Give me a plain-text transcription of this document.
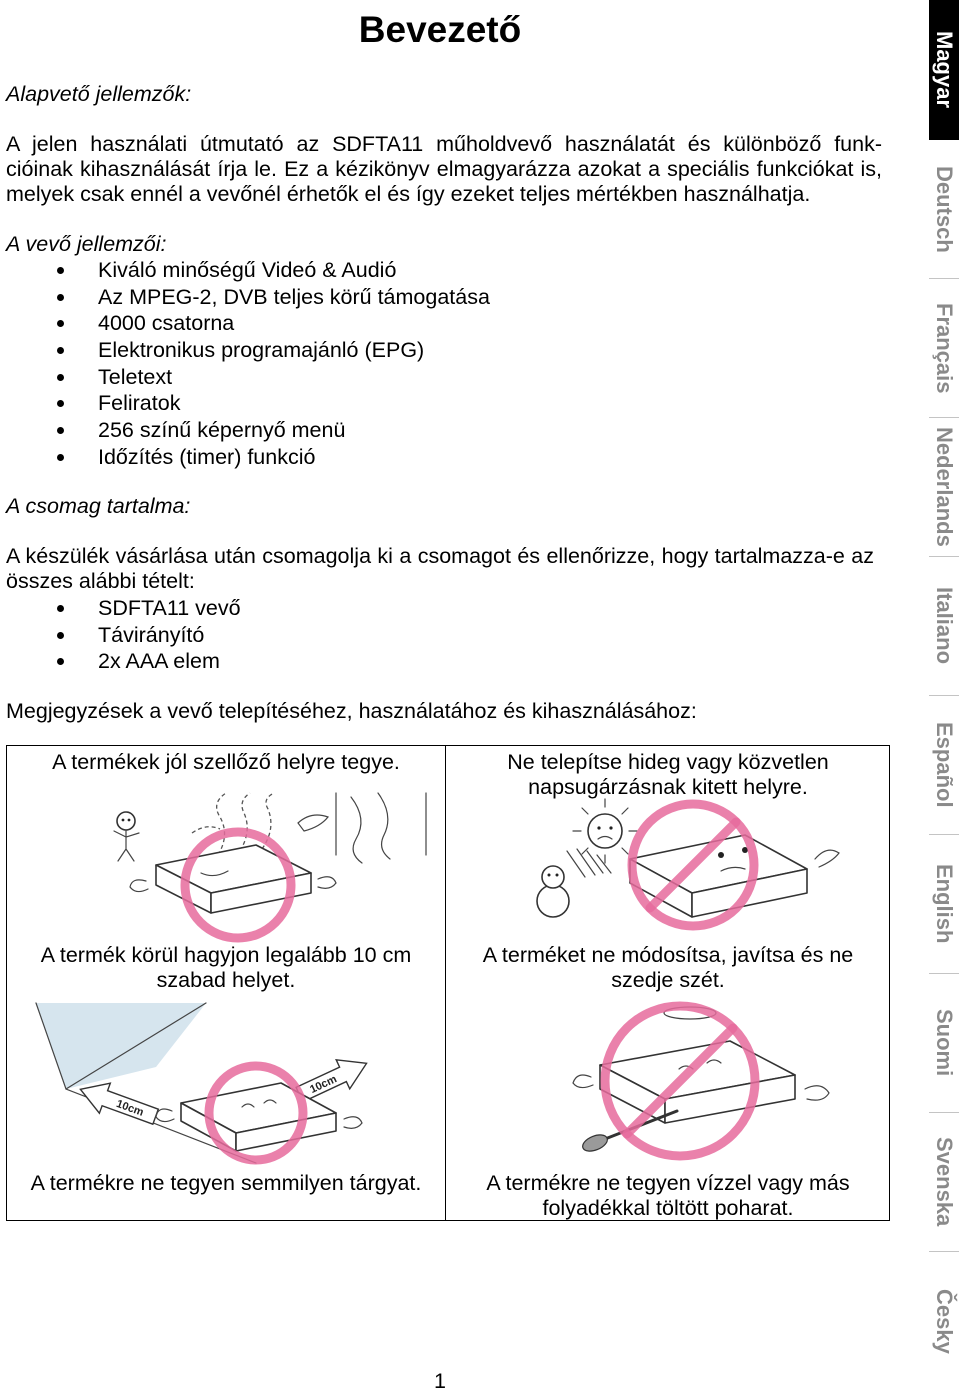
Bevezető
Alapvető jellemzők:
A jelen használati útmutató az SDFTA11 műholdvevő használatát és különböző funk-
cióinak kihasználását írja le. Ez a kézikönyv elmagyarázza azokat a speciális funkciókat is,
melyek csak ennél a vevőnél érhetők el és így ezeket teljes mértékben használhatja.
A vevő jellemzői:
Kiváló minőségű Videó & Audió
Az MPEG-2, DVB teljes körű támogatása
4000 csatorna
Elektronikus programajánló (EPG)
Teletext
Feliratok
256 színű képernyő menü
Időzítés (timer) funkció
A csomag tartalma:
A készülék vásárlása után csomagolja ki a csomagot és ellenőrizze, hogy tartalmazza-e az
összes alábbi tételt:
SDFTA11 vevő
Távirányító
2x AAA elem
Megjegyzések a vevő telepítéséhez, használatához és kihasználásához:
A termékek jól szellőző helyre tegye.	Ne telepítse hideg vagy közvetlen
napsugárzásnak kitett helyre.
A termék körül hagyjon legalább 10 cm
szabad helyet.
A terméket ne módosítsa, javítsa és ne
szedje szét.
A termékre ne tegyen semmilyen tárgyat.	A termékre ne tegyen vízzel vagy más
folyadékkal töltött poharat.
10cm
10cm
1
Magyar
Deutsch
Français
Nederlands
Italiano
Español
English
Suomi
Svenska
Česky
